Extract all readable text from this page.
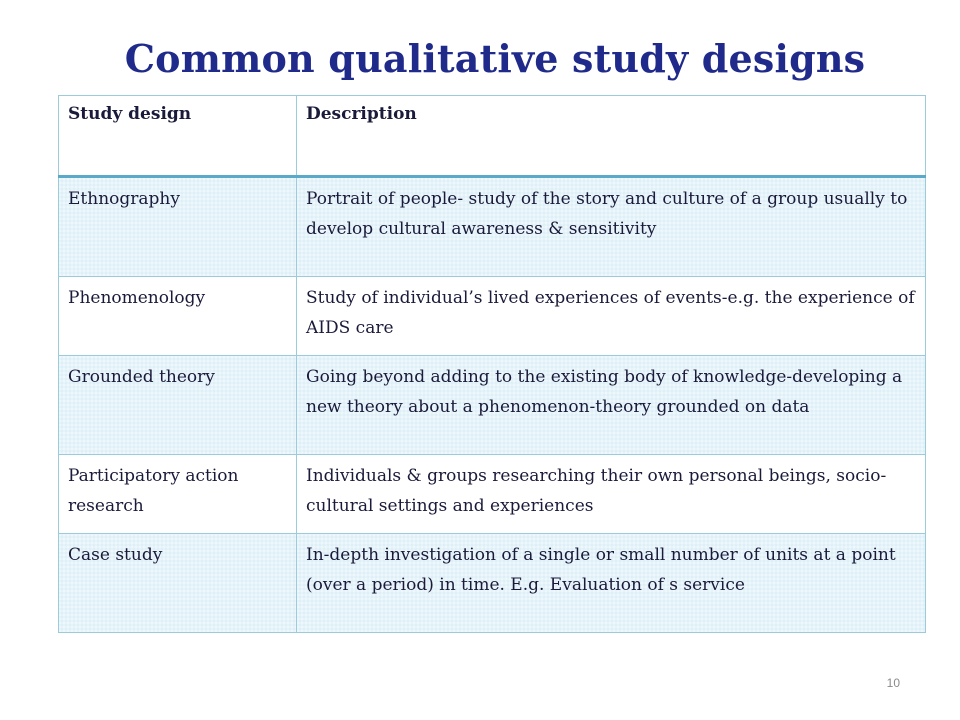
Common qualitative study designs
Study design	Description
Ethnography	Portrait of people- study of the story and culture of a group usually to develop cultural awareness & sensitivity
Phenomenology	Study of individual’s lived experiences of events-e.g. the experience of AIDS care
Grounded theory	Going beyond adding to the existing body of knowledge-developing a new theory about a phenomenon-theory grounded on data
Participatory action research	Individuals & groups researching their own personal beings, socio-cultural settings and experiences
Case study	In-depth investigation of a single or small number of units at a point (over a period) in time. E.g. Evaluation of s service
10
